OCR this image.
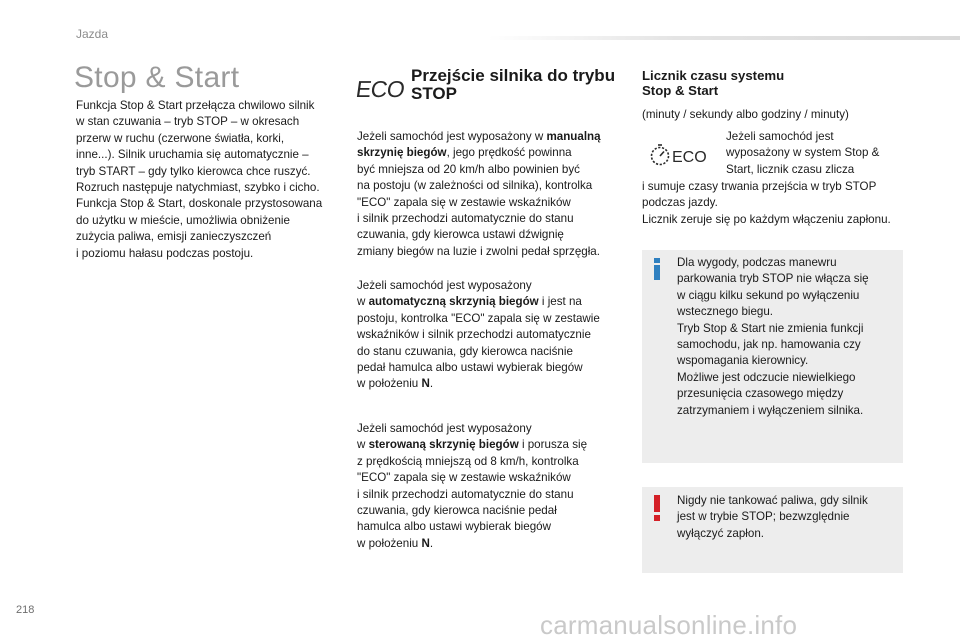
Jazda
Stop & Start
Funkcja Stop & Start przełącza chwilowo silnik
w stan czuwania – tryb STOP – w okresach
przerw w ruchu (czerwone światła, korki,
inne...). Silnik uruchamia się automatycznie –
tryb START – gdy tylko kierowca chce ruszyć.
Rozruch następuje natychmiast, szybko i cicho.
Funkcja Stop & Start, doskonale przystosowana
do użytku w mieście, umożliwia obniżenie
zużycia paliwa, emisji zanieczyszczeń
i poziomu hałasu podczas postoju.
ECO
Przejście silnika do trybu STOP
Jeżeli samochód jest wyposażony w manualną skrzynię biegów, jego prędkość powinna
być mniejsza od 20 km/h albo powinien być
na postoju (w zależności od silnika), kontrolka
"ECO" zapala się w zestawie wskaźników
i silnik przechodzi automatycznie do stanu
czuwania, gdy kierowca ustawi dźwignię
zmiany biegów na luzie i zwolni pedał sprzęgła.
Jeżeli samochód jest wyposażony
w automatyczną skrzynią biegów i jest na
postoju, kontrolka "ECO" zapala się w zestawie
wskaźników i silnik przechodzi automatycznie
do stanu czuwania, gdy kierowca naciśnie
pedał hamulca albo ustawi wybierak biegów
w położeniu N.
Jeżeli samochód jest wyposażony
w sterowaną skrzynię biegów i porusza się
z prędkością mniejszą od 8 km/h, kontrolka
"ECO" zapala się w zestawie wskaźników
i silnik przechodzi automatycznie do stanu
czuwania, gdy kierowca naciśnie pedał
hamulca albo ustawi wybierak biegów
w położeniu N.
Licznik czasu systemu
Stop & Start
(minuty / sekundy albo godziny / minuty)
ECO
Jeżeli samochód jest
wyposażony w system Stop &
Start, licznik czasu zlicza
i sumuje czasy trwania przejścia w tryb STOP
podczas jazdy.
Licznik zeruje się po każdym włączeniu zapłonu.
Dla wygody, podczas manewru
parkowania tryb STOP nie włącza się
w ciągu kilku sekund po wyłączeniu
wstecznego biegu.
Tryb Stop & Start nie zmienia funkcji
samochodu, jak np. hamowania czy
wspomagania kierownicy.
Możliwe jest odczucie niewielkiego
przesunięcia czasowego między
zatrzymaniem i wyłączeniem silnika.
Nigdy nie tankować paliwa, gdy silnik
jest w trybie STOP; bezwzględnie
wyłączyć zapłon.
218	carmanualsonline.info
